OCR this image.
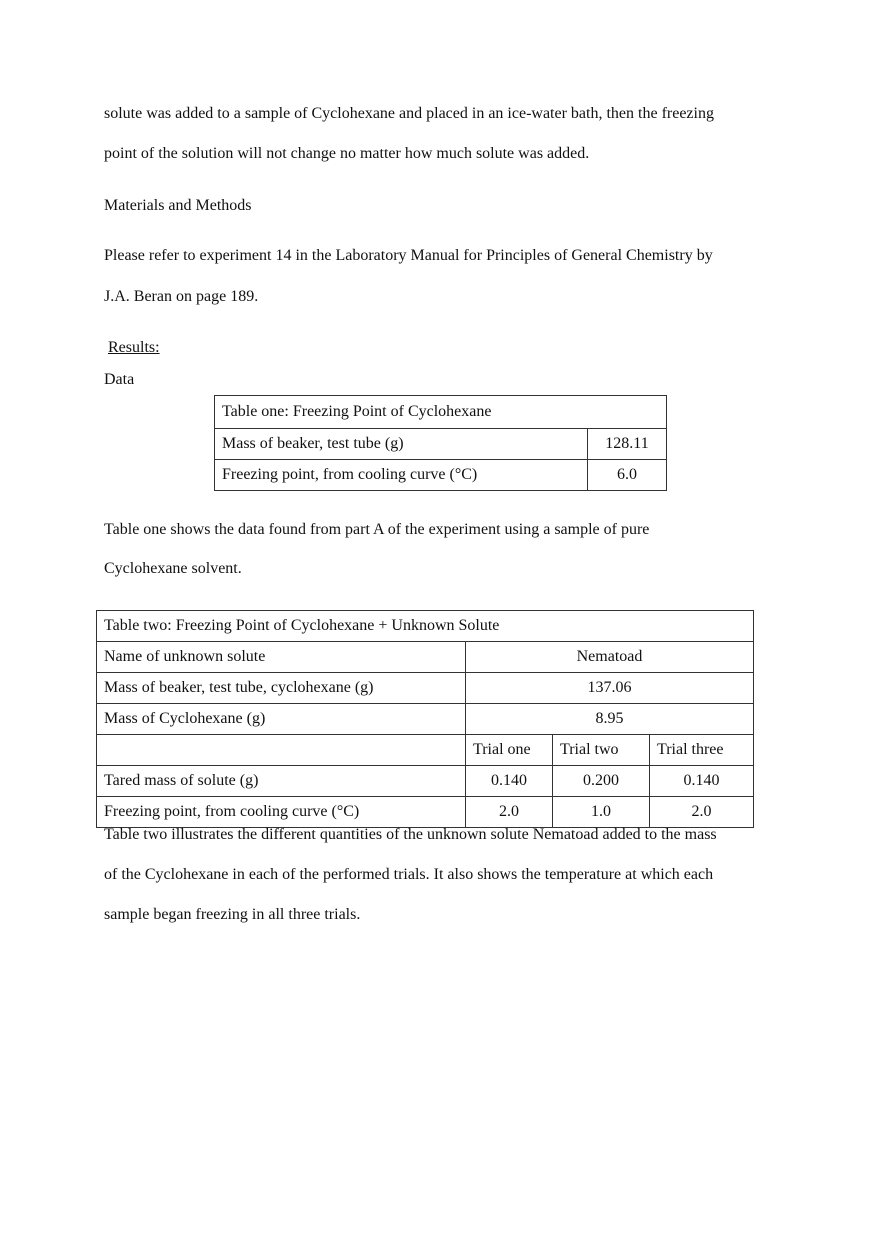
solute was added to a sample of Cyclohexane and placed in an ice-water bath, then the freezing
point of the solution will not change no matter how much solute was added.
Materials and Methods
Please refer to experiment 14 in the Laboratory Manual for Principles of General Chemistry by
J.A. Beran on page 189.
Results:
Data
Table one: Freezing Point of Cyclohexane	
Mass of beaker, test tube (g)	128.11
Freezing point, from cooling curve (°C)	6.0
Table one shows the data found from part A of the experiment using a sample of pure
Cyclohexane solvent.
Table two: Freezing Point of Cyclohexane + Unknown Solute			
Name of unknown solute	Nematoad		
Mass of beaker, test tube, cyclohexane (g)	137.06		
Mass of Cyclohexane (g)	8.95		
	Trial one	Trial two	Trial three
Tared mass of solute (g)	0.140	0.200	0.140
Freezing point, from cooling curve (°C)	2.0	1.0	2.0
Table two illustrates the different quantities of the unknown solute Nematoad added to the mass
of the Cyclohexane in each of the performed trials. It also shows the temperature at which each
sample began freezing in all three trials.
